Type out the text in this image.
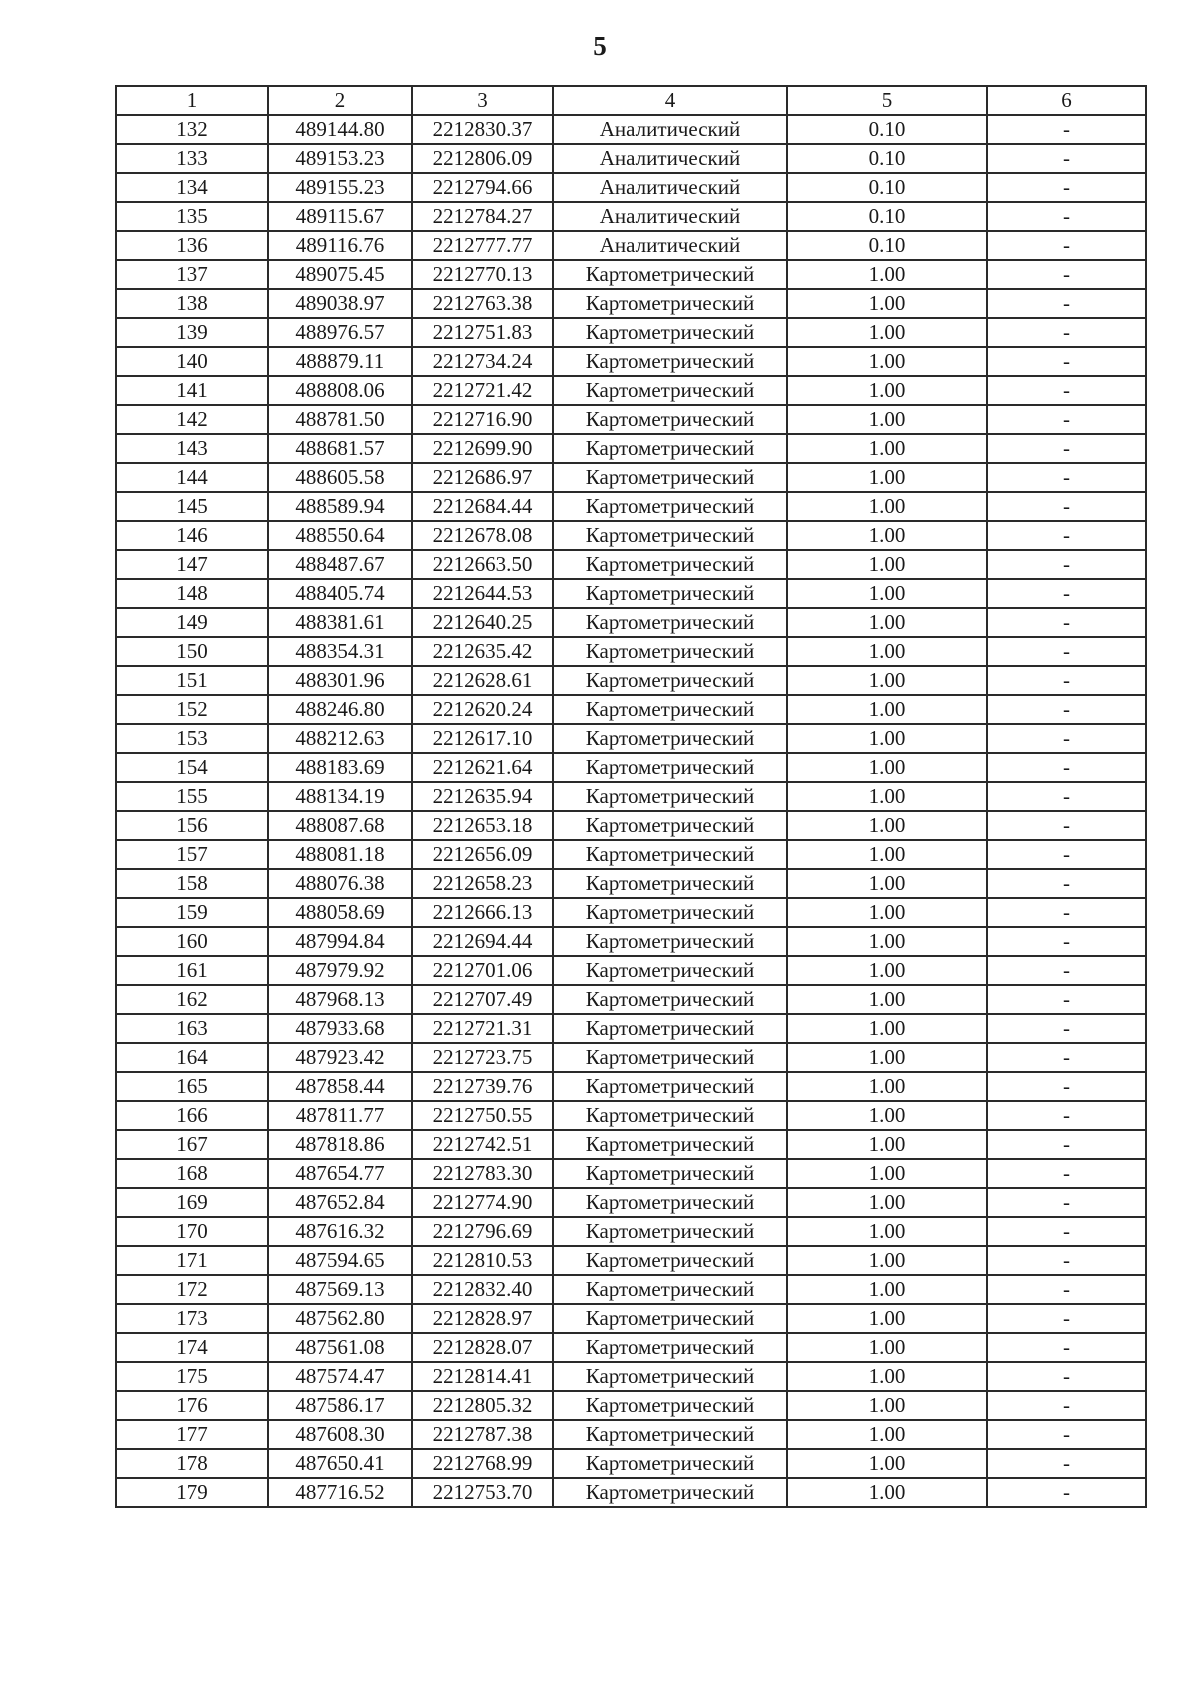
5
1	2	3	4	5	6
132	489144.80	2212830.37	Аналитический	0.10	-
133	489153.23	2212806.09	Аналитический	0.10	-
134	489155.23	2212794.66	Аналитический	0.10	-
135	489115.67	2212784.27	Аналитический	0.10	-
136	489116.76	2212777.77	Аналитический	0.10	-
137	489075.45	2212770.13	Картометрический	1.00	-
138	489038.97	2212763.38	Картометрический	1.00	-
139	488976.57	2212751.83	Картометрический	1.00	-
140	488879.11	2212734.24	Картометрический	1.00	-
141	488808.06	2212721.42	Картометрический	1.00	-
142	488781.50	2212716.90	Картометрический	1.00	-
143	488681.57	2212699.90	Картометрический	1.00	-
144	488605.58	2212686.97	Картометрический	1.00	-
145	488589.94	2212684.44	Картометрический	1.00	-
146	488550.64	2212678.08	Картометрический	1.00	-
147	488487.67	2212663.50	Картометрический	1.00	-
148	488405.74	2212644.53	Картометрический	1.00	-
149	488381.61	2212640.25	Картометрический	1.00	-
150	488354.31	2212635.42	Картометрический	1.00	-
151	488301.96	2212628.61	Картометрический	1.00	-
152	488246.80	2212620.24	Картометрический	1.00	-
153	488212.63	2212617.10	Картометрический	1.00	-
154	488183.69	2212621.64	Картометрический	1.00	-
155	488134.19	2212635.94	Картометрический	1.00	-
156	488087.68	2212653.18	Картометрический	1.00	-
157	488081.18	2212656.09	Картометрический	1.00	-
158	488076.38	2212658.23	Картометрический	1.00	-
159	488058.69	2212666.13	Картометрический	1.00	-
160	487994.84	2212694.44	Картометрический	1.00	-
161	487979.92	2212701.06	Картометрический	1.00	-
162	487968.13	2212707.49	Картометрический	1.00	-
163	487933.68	2212721.31	Картометрический	1.00	-
164	487923.42	2212723.75	Картометрический	1.00	-
165	487858.44	2212739.76	Картометрический	1.00	-
166	487811.77	2212750.55	Картометрический	1.00	-
167	487818.86	2212742.51	Картометрический	1.00	-
168	487654.77	2212783.30	Картометрический	1.00	-
169	487652.84	2212774.90	Картометрический	1.00	-
170	487616.32	2212796.69	Картометрический	1.00	-
171	487594.65	2212810.53	Картометрический	1.00	-
172	487569.13	2212832.40	Картометрический	1.00	-
173	487562.80	2212828.97	Картометрический	1.00	-
174	487561.08	2212828.07	Картометрический	1.00	-
175	487574.47	2212814.41	Картометрический	1.00	-
176	487586.17	2212805.32	Картометрический	1.00	-
177	487608.30	2212787.38	Картометрический	1.00	-
178	487650.41	2212768.99	Картометрический	1.00	-
179	487716.52	2212753.70	Картометрический	1.00	-
